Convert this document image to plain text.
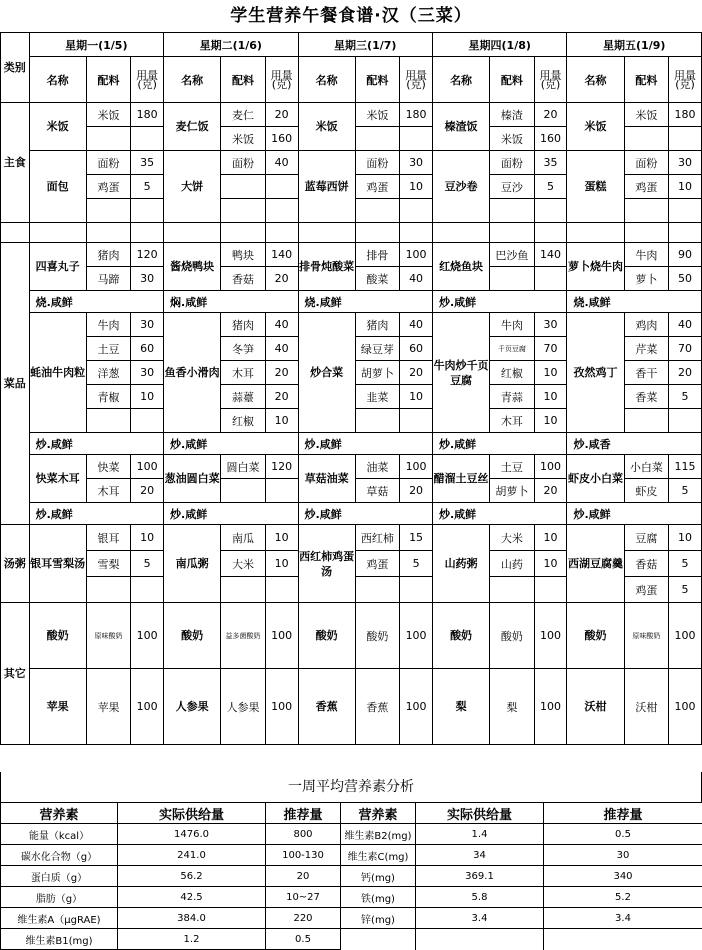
学生营养午餐食谱·汉（三菜）
类别	星期一(1/5)			星期二(1/6)			星期三(1/7)			星期四(1/8)			星期五(1/9)		
	名称	配料	用量(克)	名称	配料	用量(克)	名称	配料	用量(克)	名称	配料	用量(克)	名称	配料	用量(克)
主食	米饭	米饭	180	麦仁饭	麦仁	20	米饭	米饭	180	榛渣饭	榛渣	20	米饭	米饭	180
					米饭	160					米饭	160			
	面包	面粉	35	大饼	面粉	40	蓝莓西饼	面粉	30	豆沙卷	面粉	35	蛋糕	面粉	30
		鸡蛋	5					鸡蛋	10		豆沙	5		鸡蛋	10

菜品	四喜丸子	猪肉	120	酱烧鸭块	鸭块	140	排骨炖酸菜	排骨	100	红烧鱼块	巴沙鱼	140	萝卜烧牛肉	牛肉	90
		马蹄	30		香菇	20		酸菜	40					萝卜	50
	烧.咸鲜			焖.咸鲜			烧.咸鲜			炒.咸鲜			烧.咸鲜		
	蚝油牛肉粒	牛肉	30	鱼香小滑肉	猪肉	40	炒合菜	猪肉	40	牛肉炒千页豆腐	牛肉	30	孜然鸡丁	鸡肉	40
		土豆	60		冬笋	40		绿豆芽	60		千页豆腐	70		芹菜	70
		洋葱	30		木耳	20		胡萝卜	20		红椒	10		香干	20
		青椒	10		蒜薹	20		韭菜	10		青蒜	10		香菜	5
					红椒	10					木耳	10			
	炒.咸鲜			炒.咸鲜			炒.咸鲜			炒.咸鲜			炒.咸香		
	快菜木耳	快菜	100	葱油圆白菜	圆白菜	120	草菇油菜	油菜	100	醋溜土豆丝	土豆	100	虾皮小白菜	小白菜	115
		木耳	20					草菇	20		胡萝卜	20		虾皮	5
	炒.咸鲜			炒.咸鲜			炒.咸鲜			炒.咸鲜			炒.咸鲜		
汤粥	银耳雪梨汤	银耳	10	南瓜粥	南瓜	10	西红柿鸡蛋汤	西红柿	15	山药粥	大米	10	西湖豆腐羹	豆腐	10
		雪梨	5		大米	10		鸡蛋	5		山药	10		香菇	5
														鸡蛋	5
其它	酸奶	原味酸奶	100	酸奶	益多菌酸奶	100	酸奶	酸奶	100	酸奶	酸奶	100	酸奶	原味酸奶	100
	苹果	苹果	100	人参果	人参果	100	香蕉	香蕉	100	梨	梨	100	沃柑	沃柑	100
一周平均营养素分析
营养素	实际供给量	推荐量	营养素	实际供给量	推荐量
能量（kcal）	1476.0	800	维生素B2(mg)	1.4	0.5
碳水化合物（g）	241.0	100-130	维生素C(mg)	34	30
蛋白质（g）	56.2	20	钙(mg)	369.1	340
脂肪（g）	42.5	10~27	铁(mg)	5.8	5.2
维生素A（μgRAE)	384.0	220	锌(mg)	3.4	3.4
维生素B1(mg)	1.2	0.5			
